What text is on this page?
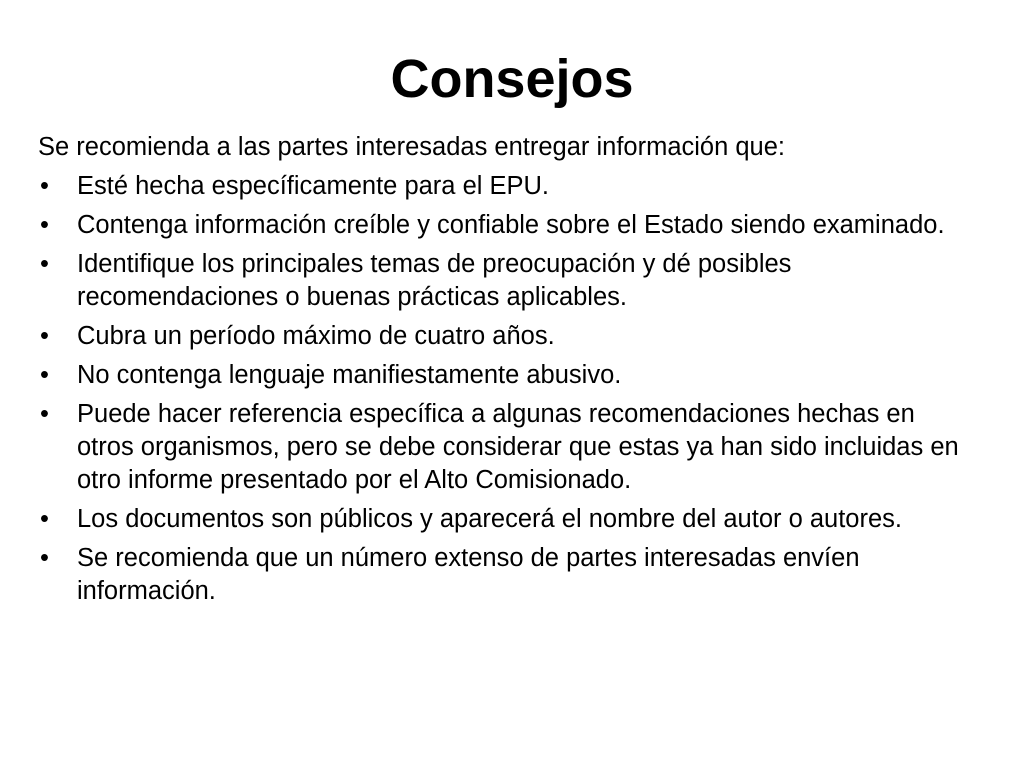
Consejos
Se recomienda a las partes interesadas entregar información que:
•	Esté hecha específicamente para el EPU.
•	Contenga información creíble y confiable sobre el Estado siendo examinado.
•	Identifique los principales temas de preocupación y dé posibles recomendaciones o buenas prácticas aplicables.
•	Cubra un período máximo de cuatro años.
•	No contenga lenguaje manifiestamente abusivo.
•	Puede hacer referencia específica a algunas recomendaciones hechas en otros organismos, pero se debe considerar que estas ya han sido incluidas en otro informe presentado por el Alto Comisionado.
•	Los documentos son públicos y aparecerá el nombre del autor o autores.
•	Se recomienda que un número extenso de partes interesadas envíen información.
